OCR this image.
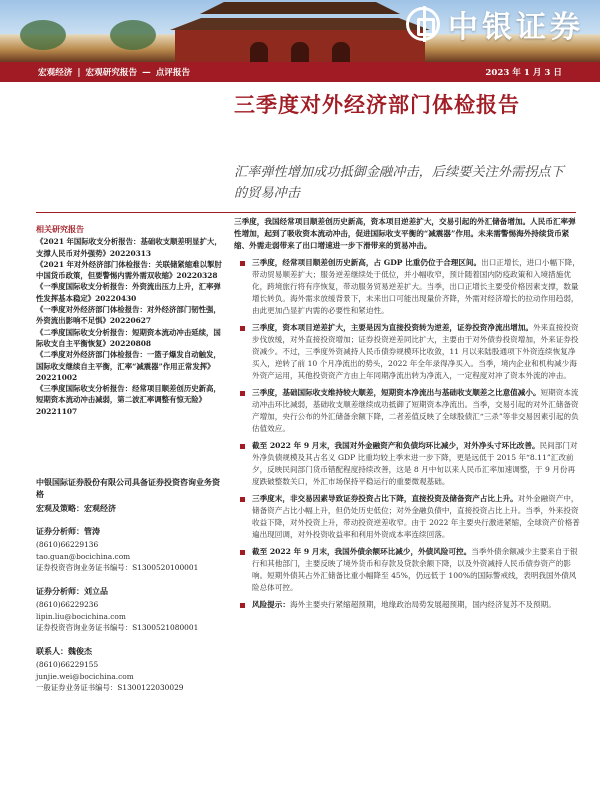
中银证券
宏观经济 | 宏观研究报告 — 点评报告	2023 年 1 月 3 日
三季度对外经济部门体检报告
汇率弹性增加成功抵御金融冲击，后续要关注外需拐点下的贸易冲击
相关研究报告
《2021 年国际收支分析报告：基础收支顺差明显扩大，支撑人民币对外强势》20220313
《2021 年对外经济部门体检报告：关联储紧缩难以掣肘中国货币政策，但要警惕内需外需双收缩》20220328
《一季度国际收支分析报告：外资流出压力上升，汇率弹性发挥基本稳定》20220430
《一季度对外经济部门体检报告：对外经济部门韧性强，外资流出影响不足惧》20220627
《二季度国际收支分析报告：短期资本流动冲击延续，国际收支自主平衡恢复》20220808
《二季度对外经济部门体检报告：一篮子爆发自动触发，国际收支继续自主平衡，汇率“减震器”作用正常发挥》20221002
《三季度国际收支分析报告：经常项目顺差创历史新高，短期资本流动冲击减弱，第二波汇率调整有惊无险》20221107
中银国际证券股份有限公司具备证券投资咨询业务资格
宏观及策略：宏观经济
证券分析师：管涛
(8610)66229136
tao.guan@bocichina.com
证券投资咨询业务证书编号：S1300520100001
证券分析师：刘立品
(8610)66229236
lipin.liu@bocichina.com
证券投资咨询业务证书编号：S1300521080001
联系人：魏俊杰
(8610)66229155
junjie.wei@bocichina.com
一般证券业务证书编号：S1300122030029
三季度，我国经常项目顺差创历史新高，资本项目逆差扩大，交易引起的外汇储备增加。人民币汇率弹性增加，起到了吸收资本流动冲击，促进国际收支平衡的“减震器”作用。未来需警惕海外持续货币紧缩、外需走弱带来了出口增速进一步下滑带来的贸易冲击。
三季度，经常项目顺差创历史新高，占 GDP 比重仍位于合理区间。出口正增长，进口小幅下降，带动贸易顺差扩大；服务逆差继续处于低位，并小幅收窄，预计随着国内防疫政策和入境措施优化，跨境旅行将有序恢复，带动服务贸易逆差扩大。当季，出口正增长主要受价格因素支撑，数量增长转负。海外需求放缓背景下，未来出口可能出现量价齐降，外需对经济增长的拉动作用趋弱，由此更加凸显扩内需的必要性和紧迫性。
三季度，资本项目逆差扩大，主要是因为直接投资转为逆差，证券投资净流出增加。外来直接投资步伐放缓，对外直接投资增加；证券投资逆差同比扩大，主要由于对外债券投资增加，外来证券投资减少。不过，三季度外资减持人民币债券规模环比收敛，11 月以来陆股通项下外资连续恢复净买入，逆转了前 10 个月净流出的势头，2022 年全年录得净买入。当季，境内企业和机构减少海外资产运用，其他投资资产方由上年同期净流出转为净流入，一定程度对冲了资本外流的冲击。
三季度，基础国际收支维持较大顺差，短期资本净流出与基础收支顺差之比意值减小。短期资本流动冲击环比减弱，基础收支顺差继续成功抵御了短期资本净流出。当季，交易引起的对外汇储备资产增加，央行公布的外汇储备余额下降，二者差值反映了全球股债汇“三杀”等非交易因素引起的负估值效应。
截至 2022 年 9 月末，我国对外金融资产和负债均环比减少，对外净头寸环比改善。民间部门对外净负债规模及其占名义 GDP 比重均较上季末进一步下降，更是远低于 2015 年“8.11”汇改前夕，反映民间部门货币错配程度持续改善，这是 8 月中旬以来人民币汇率加速调整，于 9 月份再度跌破整数关口，外汇市场保持平稳运行的重要微观基础。
三季度末，非交易因素导致证券投资占比下降，直接投资及储备资产占比上升。对外金融资产中，储备资产占比小幅上升，但仍处历史低位；对外金融负债中，直接投资占比上升。当季，外来投资收益下降，对外投资上升，带动投资逆差收窄。由于 2022 年主要央行激进紧缩，全球资产价格普遍出现回调，对外投资收益率和利用外资成本率连续回落。
截至 2022 年 9 月末，我国外债余额环比减少，外债风险可控。当季外债余额减少主要来自于银行和其他部门，主要反映了境外货币和存款及贷款余额下降，以及外资减持人民币债券资产的影响。短期外债其占外汇储备比重小幅降至 45%，仍远低于 100%的国际警戒线，表明我国外债风险总体可控。
风险提示：海外主要央行紧缩超预期，地缘政治局势发展超预期，国内经济复苏不及预期。
